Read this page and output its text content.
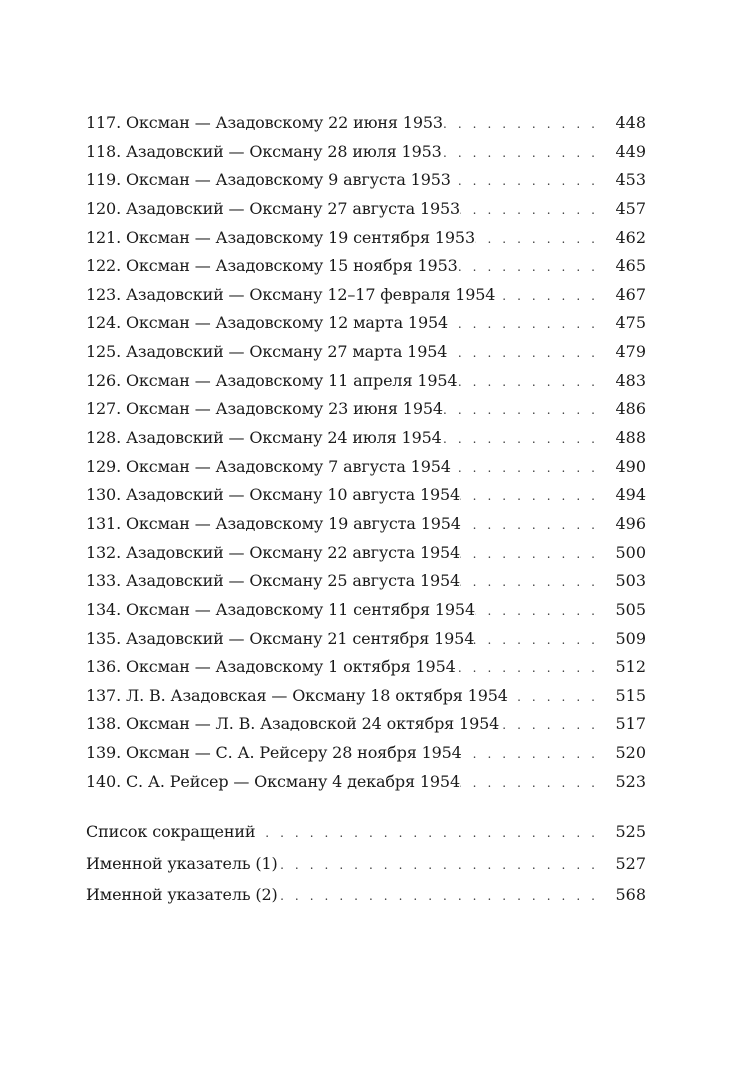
117. Оксман — Азадовскому 22 июня 1953 .....	448
118. Азадовский — Оксману 28 июля 1953 .....	449
119. Оксман — Азадовскому 9 августа 1953 .....	453
120. Азадовский — Оксману 27 августа 1953 .....	457
121. Оксман — Азадовскому 19 сентября 1953 .....	462
122. Оксман — Азадовскому 15 ноября 1953 .....	465
123. Азадовский — Оксману 12–17 февраля 1954 .....	467
124. Оксман — Азадовскому 12 марта 1954 .....	475
125. Азадовский — Оксману 27 марта 1954 .....	479
126. Оксман — Азадовскому 11 апреля 1954 .....	483
127. Оксман — Азадовскому 23 июня 1954 .....	486
128. Азадовский — Оксману 24 июля 1954 .....	488
129. Оксман — Азадовскому 7 августа 1954 .....	490
130. Азадовский — Оксману 10 августа 1954 .....	494
131. Оксман — Азадовскому 19 августа 1954 .....	496
132. Азадовский — Оксману 22 августа 1954 .....	500
133. Азадовский — Оксману 25 августа 1954 .....	503
134. Оксман — Азадовскому 11 сентября 1954 .....	505
135. Азадовский — Оксману 21 сентября 1954 .....	509
136. Оксман — Азадовскому 1 октября 1954 .....	512
137. Л. В. Азадовская — Оксману 18 октября 1954 .....	515
138. Оксман — Л. В. Азадовской 24 октября 1954 .....	517
139. Оксман — С. А. Рейсеру 28 ноября 1954 .....	520
140. С. А. Рейсер — Оксману 4 декабря 1954 .....	523
Список сокращений .....	525
Именной указатель (1) .....	527
Именной указатель (2) .....	568
